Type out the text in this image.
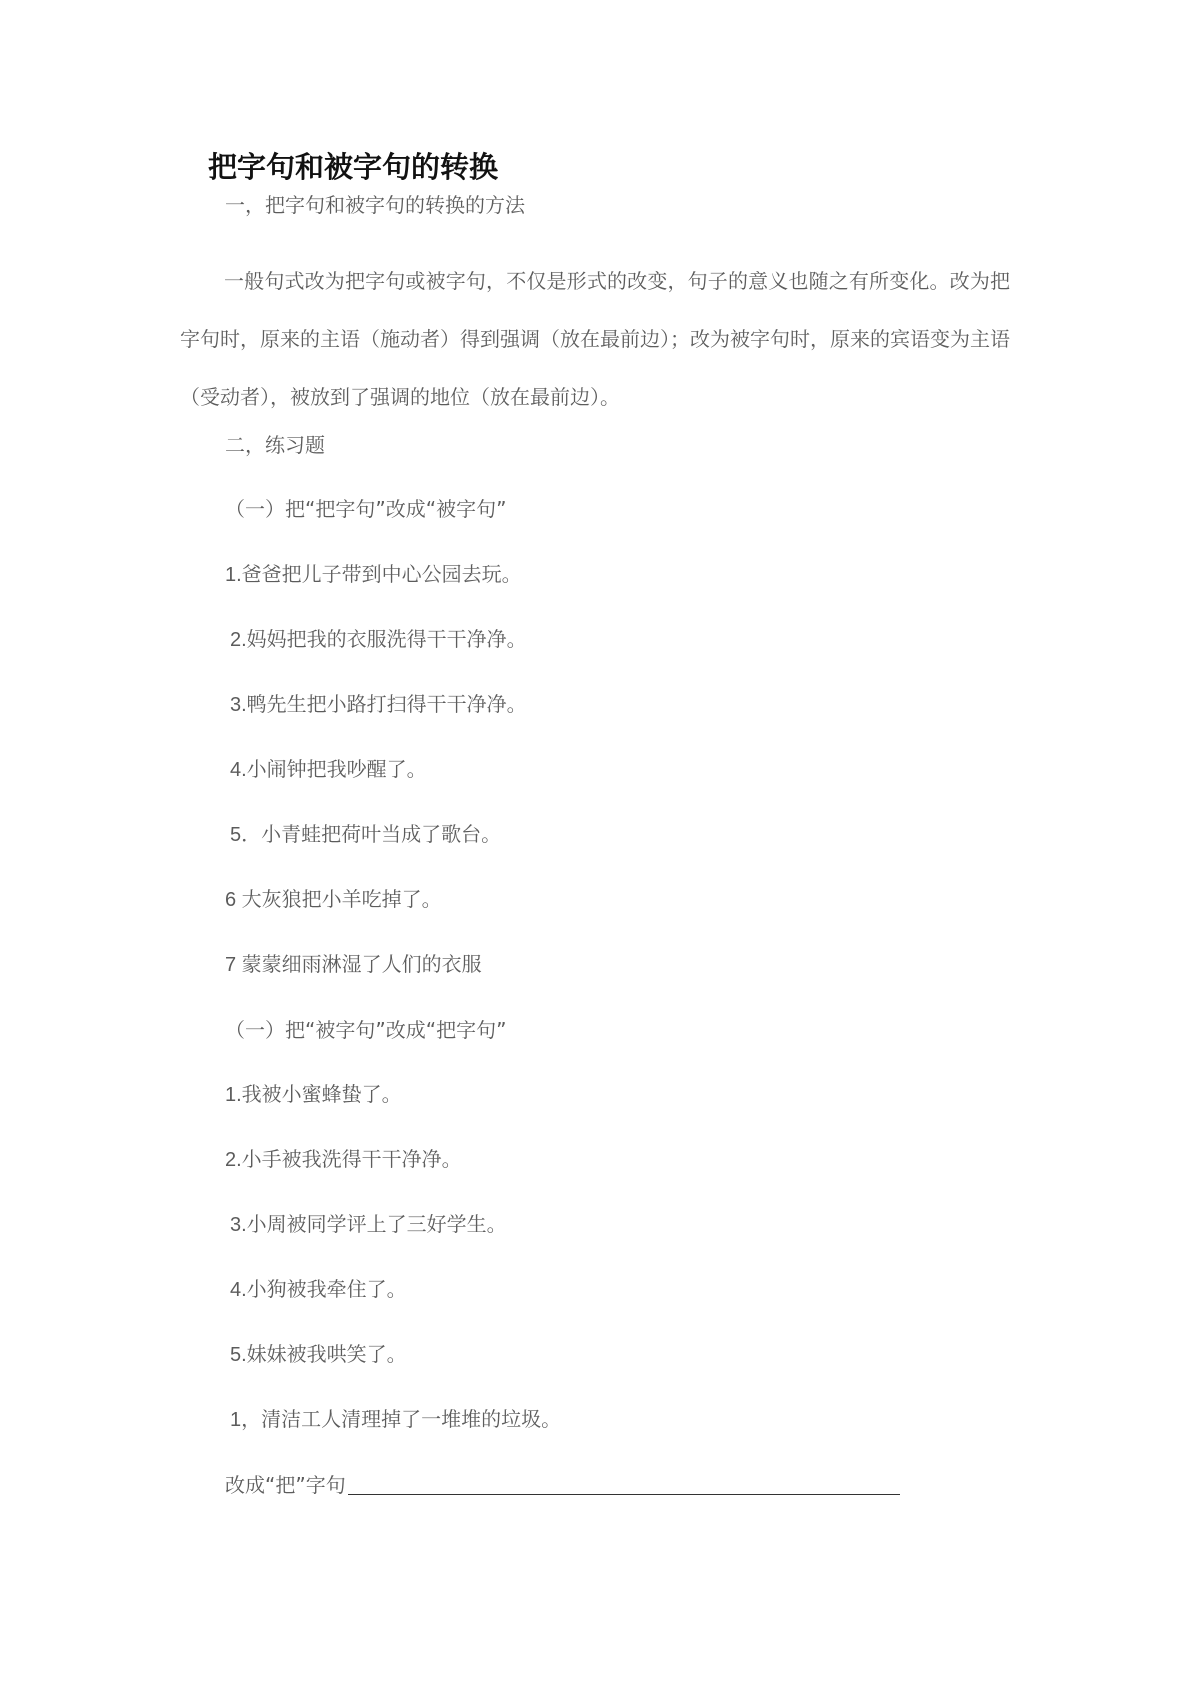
把字句和被字句的转换
一，把字句和被字句的转换的方法
一般句式改为把字句或被字句，不仅是形式的改变，句子的意义也随之有所变化。改为把字句时，原来的主语（施动者）得到强调（放在最前边）；改为被字句时，原来的宾语变为主语（受动者），被放到了强调的地位（放在最前边）。
二，练习题
（一）把“把字句”改成“被字句”
1.爸爸把儿子带到中心公园去玩。
2.妈妈把我的衣服洗得干干净净。
3.鸭先生把小路打扫得干干净净。
4.小闹钟把我吵醒了。
5．小青蛙把荷叶当成了歌台。
6 大灰狼把小羊吃掉了。
7 蒙蒙细雨淋湿了人们的衣服
（一）把“被字句”改成“把字句”
1.我被小蜜蜂蛰了。
2.小手被我洗得干干净净。
3.小周被同学评上了三好学生。
4.小狗被我牵住了。
5.妹妹被我哄笑了。
1，清洁工人清理掉了一堆堆的垃圾。
改成“把”字句
